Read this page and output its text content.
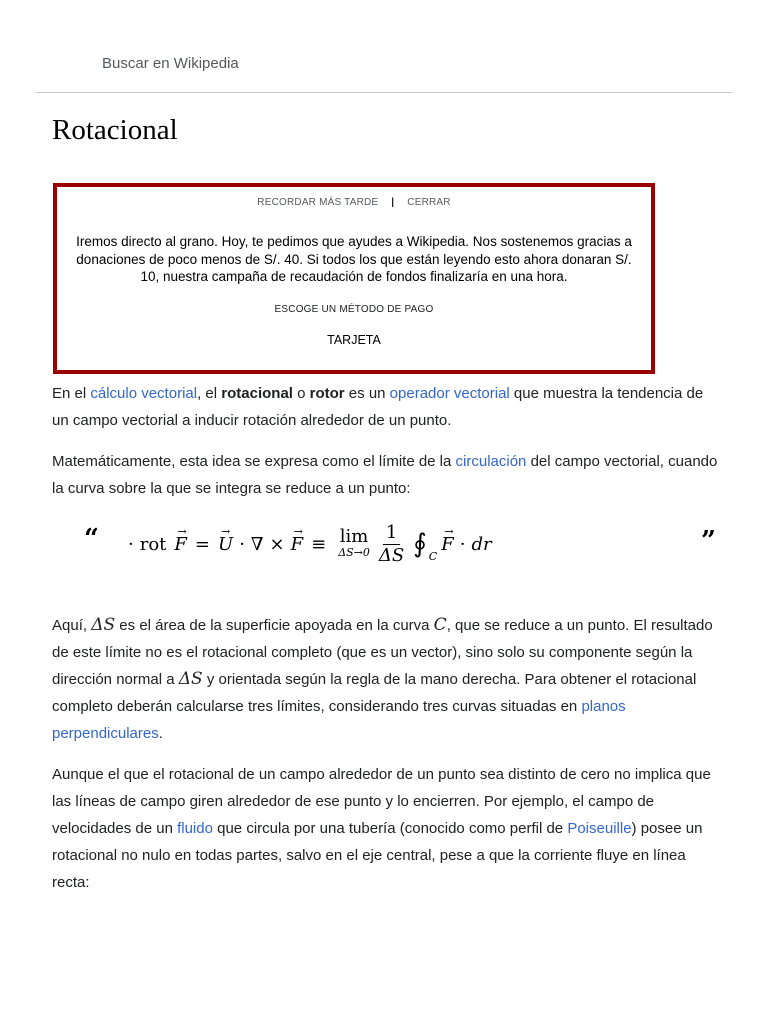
Buscar en Wikipedia
Rotacional
RECORDAR MÁS TARDE | CERRAR
Iremos directo al grano. Hoy, te pedimos que ayudes a Wikipedia. Nos sostenemos gracias a donaciones de poco menos de S/. 40. Si todos los que están leyendo esto ahora donaran S/. 10, nuestra campaña de recaudación de fondos finalizaría en una hora.
ESCOGE UN MÉTODO DE PAGO
TARJETA

En el cálculo vectorial, el rotacional o rotor es un operador vectorial que muestra la tendencia de un campo vectorial a inducir rotación alrededor de un punto.

Matemáticamente, esta idea se expresa como el límite de la circulación del campo vectorial, cuando la curva sobre la que se integra se reduce a un punto:

“ · rot → F = → U · ∇ × → F ≡ lim
$\Delta S\to 0 \frac{1}{\Delta S}$ ∮ C
→ F · dr	”

Aquí, ΔS es el área de la superficie apoyada en la curva C, que se reduce a un punto. El resultado de este límite no es el rotacional completo (que es un vector), sino solo su componente según la dirección normal a ΔS y orientada según la regla de la mano derecha. Para obtener el rotacional completo deberán calcularse tres límites, considerando tres curvas situadas en planos perpendiculares.

Aunque el que el rotacional de un campo alrededor de un punto sea distinto de cero no implica que las líneas de campo giren alrededor de ese punto y lo encierren. Por ejemplo, el campo de velocidades de un fluido que circula por una tubería (conocido como perfil de Poiseuille) posee un rotacional no nulo en todas partes, salvo en el eje central, pese a que la corriente fluye en línea recta:
